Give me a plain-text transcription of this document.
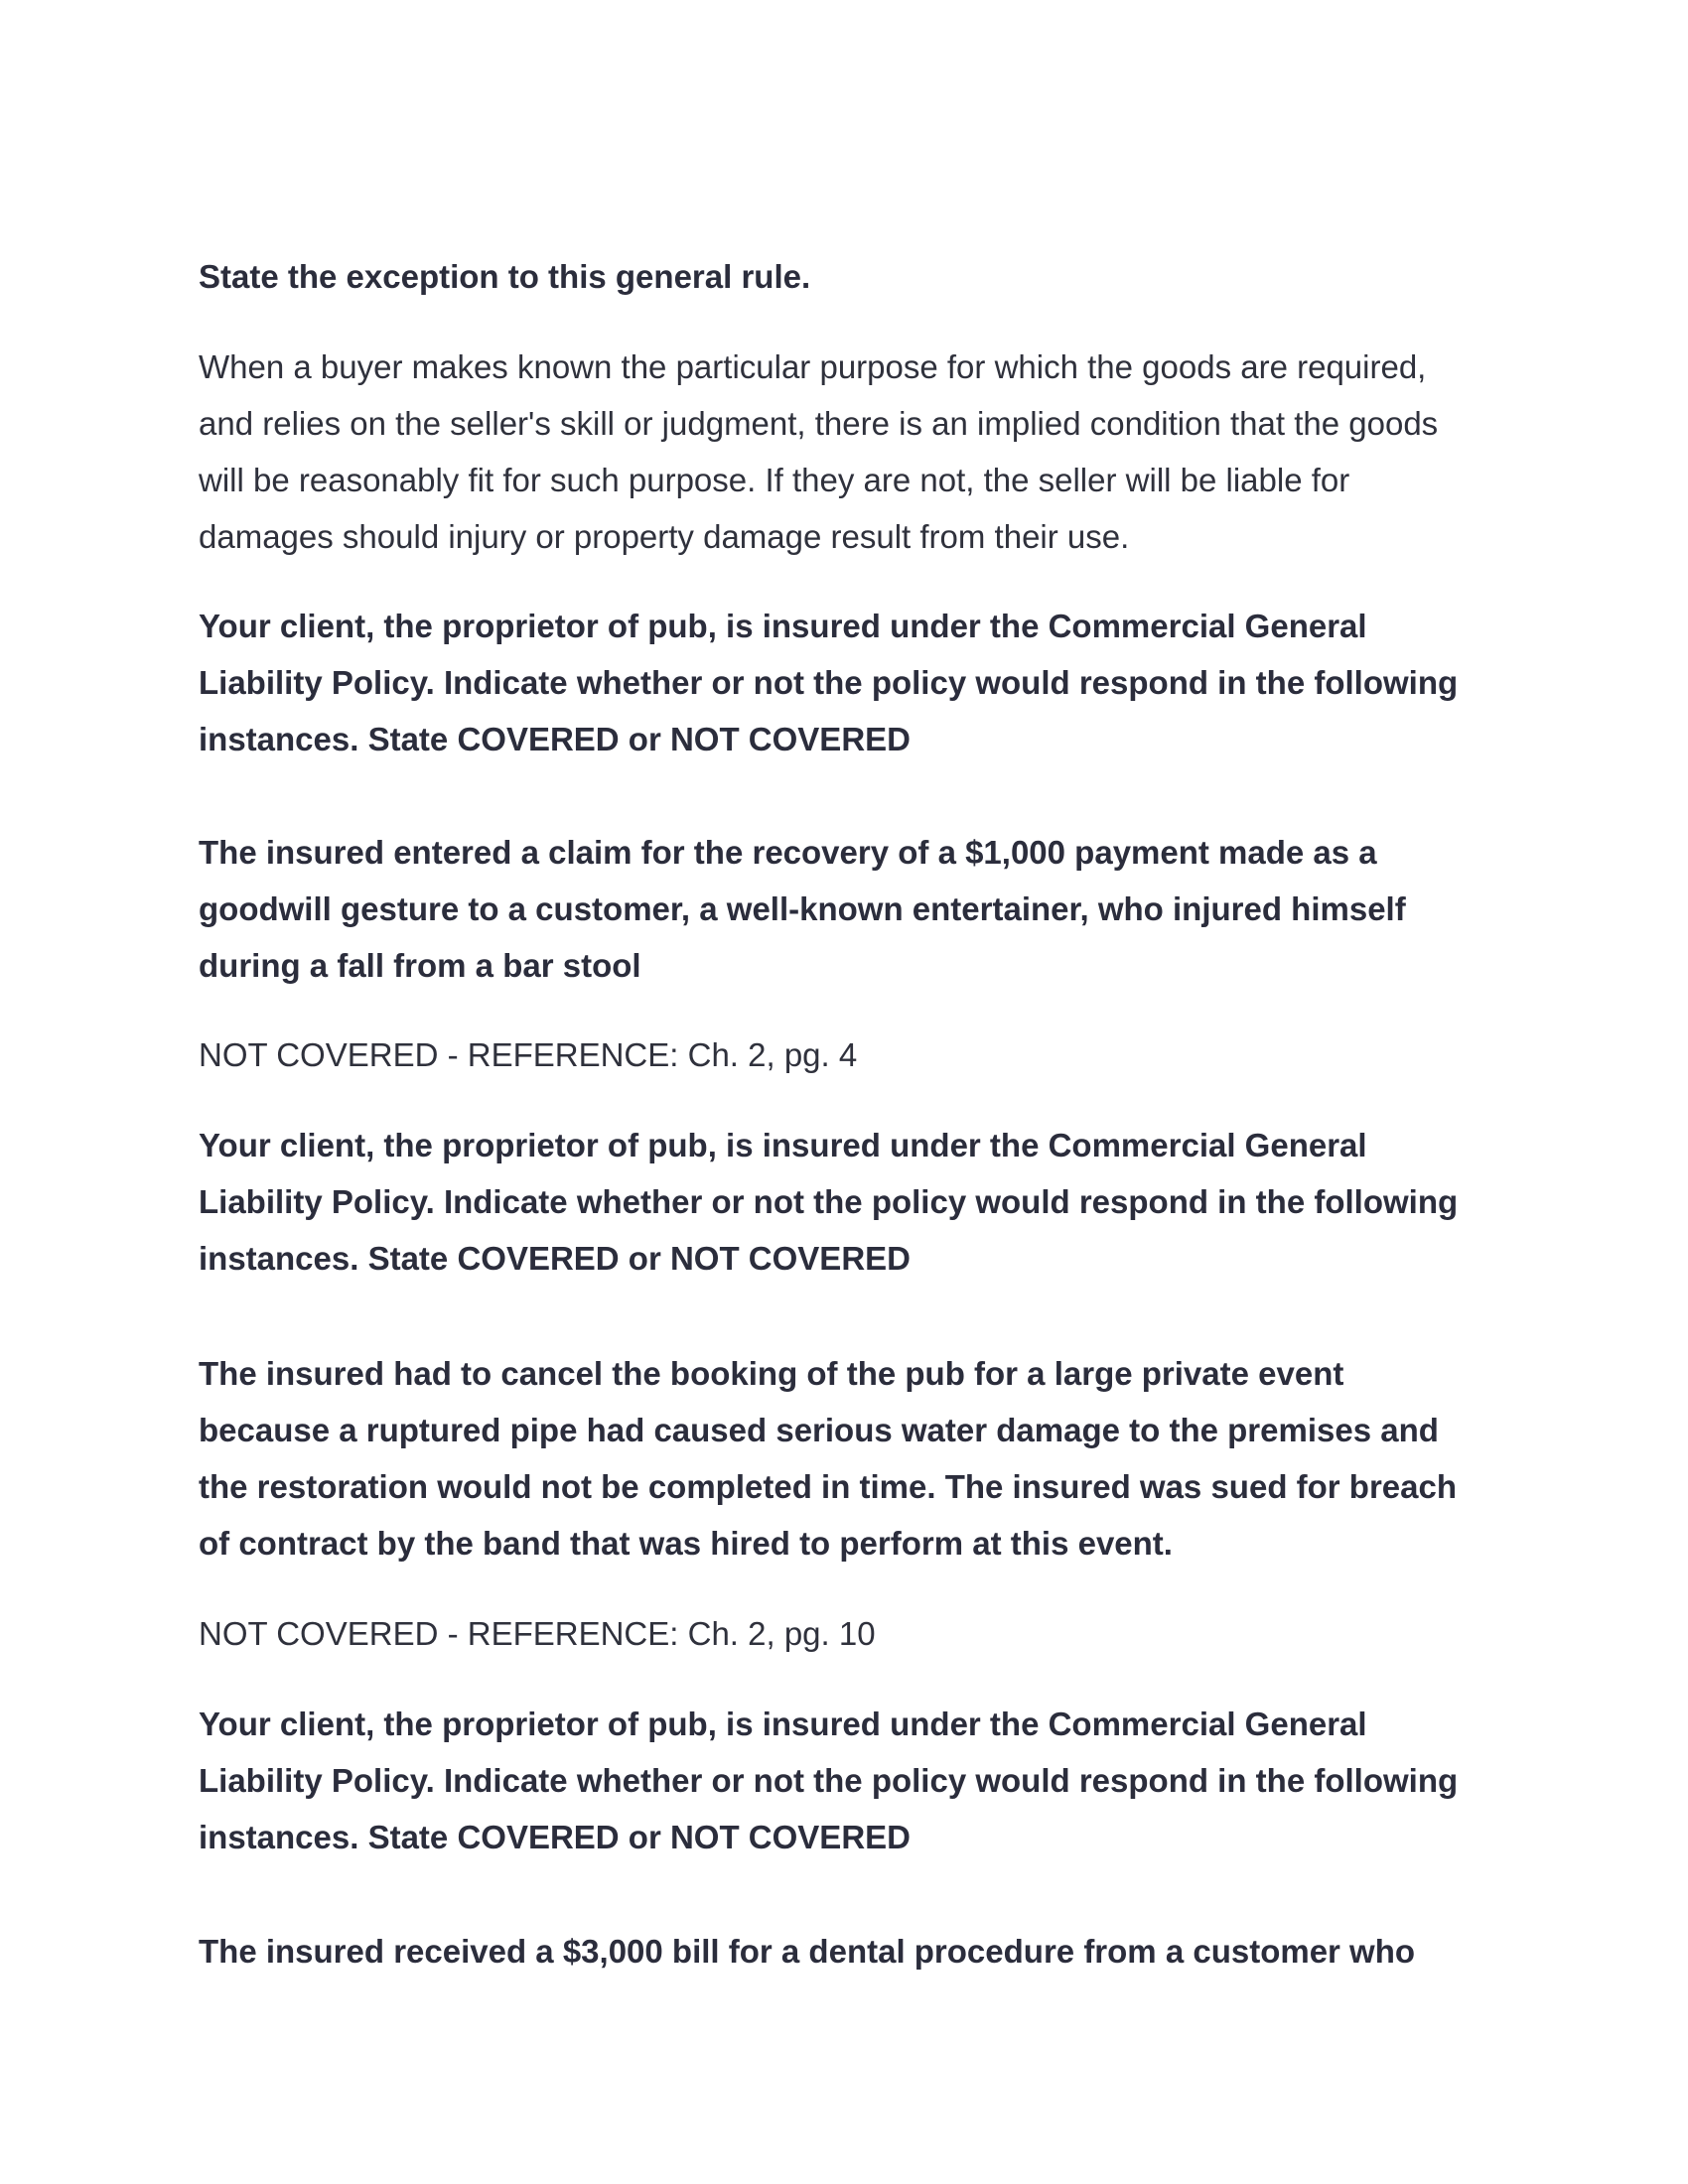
State the exception to this general rule.

When a buyer makes known the particular purpose for which the goods are required,
and relies on the seller's skill or judgment, there is an implied condition that the goods
will be reasonably fit for such purpose. If they are not, the seller will be liable for
damages should injury or property damage result from their use.

Your client, the proprietor of pub, is insured under the Commercial General
Liability Policy. Indicate whether or not the policy would respond in the following
instances. State COVERED or NOT COVERED

The insured entered a claim for the recovery of a $1,000 payment made as a
goodwill gesture to a customer, a well-known entertainer, who injured himself
during a fall from a bar stool

NOT COVERED - REFERENCE: Ch. 2, pg. 4

Your client, the proprietor of pub, is insured under the Commercial General
Liability Policy. Indicate whether or not the policy would respond in the following
instances. State COVERED or NOT COVERED

The insured had to cancel the booking of the pub for a large private event
because a ruptured pipe had caused serious water damage to the premises and
the restoration would not be completed in time. The insured was sued for breach
of contract by the band that was hired to perform at this event.

NOT COVERED - REFERENCE: Ch. 2, pg. 10

Your client, the proprietor of pub, is insured under the Commercial General
Liability Policy. Indicate whether or not the policy would respond in the following
instances. State COVERED or NOT COVERED

The insured received a $3,000 bill for a dental procedure from a customer who
